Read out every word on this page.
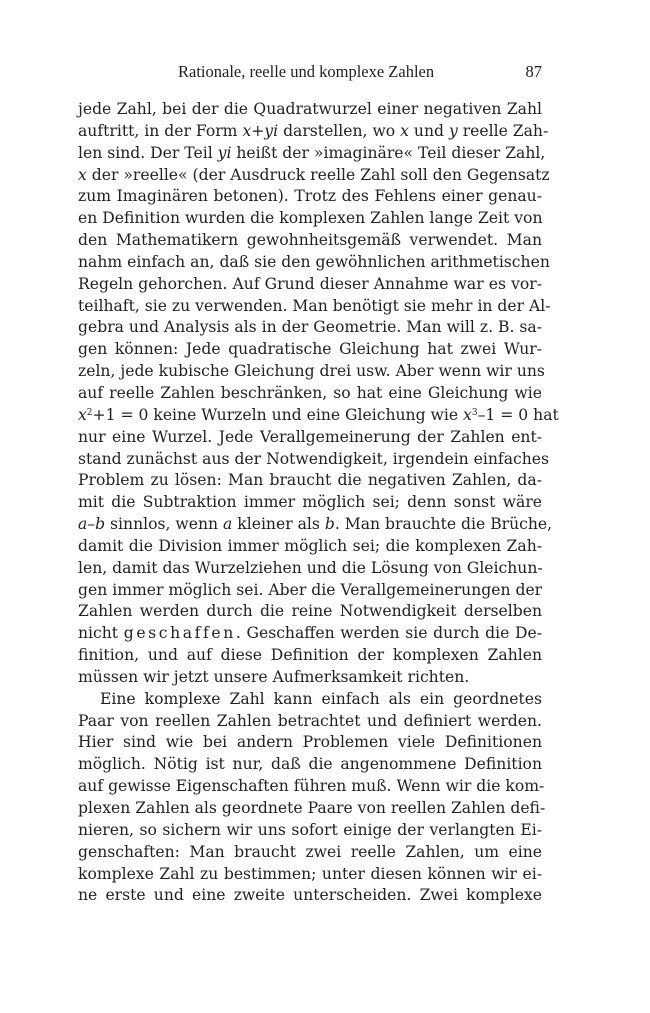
Rationale, reelle und komplexe Zahlen	87
jede Zahl, bei der die Quadratwurzel einer negativen Zahl
auftritt, in der Form x+yi darstellen, wo x und y reelle Zah-
len sind. Der Teil yi heißt der »imaginäre« Teil dieser Zahl,
x der »reelle« (der Ausdruck reelle Zahl soll den Gegensatz
zum Imaginären betonen). Trotz des Fehlens einer genau-
en Definition wurden die komplexen Zahlen lange Zeit von
den Mathematikern gewohnheitsgemäß verwendet. Man
nahm einfach an, daß sie den gewöhnlichen arithmetischen
Regeln gehorchen. Auf Grund dieser Annahme war es vor-
teilhaft, sie zu verwenden. Man benötigt sie mehr in der Al-
gebra und Analysis als in der Geometrie. Man will z. B. sa-
gen können: Jede quadratische Gleichung hat zwei Wur-
zeln, jede kubische Gleichung drei usw. Aber wenn wir uns
auf reelle Zahlen beschränken, so hat eine Gleichung wie
$x^2+1 = 0$ keine Wurzeln und eine Gleichung wie $x^3-1 = 0$ hat
nur eine Wurzel. Jede Verallgemeinerung der Zahlen ent-
stand zunächst aus der Notwendigkeit, irgendein einfaches
Problem zu lösen: Man braucht die negativen Zahlen, da-
mit die Subtraktion immer möglich sei; denn sonst wäre
a–b sinnlos, wenn a kleiner als b. Man brauchte die Brüche,
damit die Division immer möglich sei; die komplexen Zah-
len, damit das Wurzelziehen und die Lösung von Gleichun-
gen immer möglich sei. Aber die Verallgemeinerungen der
Zahlen werden durch die reine Notwendigkeit derselben
nicht geschaffen. Geschaffen werden sie durch die De-
finition, und auf diese Definition der komplexen Zahlen
müssen wir jetzt unsere Aufmerksamkeit richten.
Eine komplexe Zahl kann einfach als ein geordnetes
Paar von reellen Zahlen betrachtet und definiert werden.
Hier sind wie bei andern Problemen viele Definitionen
möglich. Nötig ist nur, daß die angenommene Definition
auf gewisse Eigenschaften führen muß. Wenn wir die kom-
plexen Zahlen als geordnete Paare von reellen Zahlen defi-
nieren, so sichern wir uns sofort einige der verlangten Ei-
genschaften: Man braucht zwei reelle Zahlen, um eine
komplexe Zahl zu bestimmen; unter diesen können wir ei-
ne erste und eine zweite unterscheiden. Zwei komplexe
